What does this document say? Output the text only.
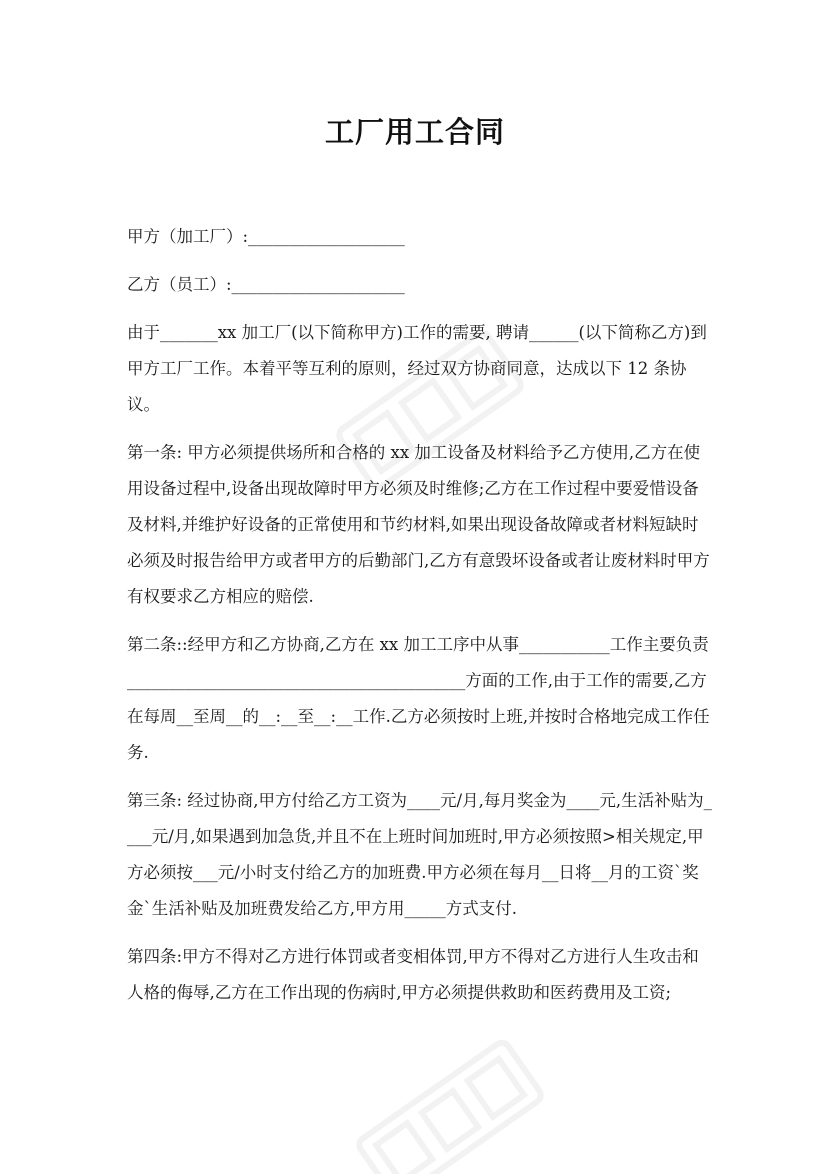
工厂用工合同

甲方（加工厂）:___________________

乙方（员工）:_____________________

由于_______xx 加工厂(以下简称甲方)工作的需要, 聘请______(以下简称乙方)到甲方工厂工作。本着平等互利的原则，经过双方协商同意，达成以下 12 条协议。

第一条: 甲方必须提供场所和合格的 xx 加工设备及材料给予乙方使用,乙方在使用设备过程中,设备出现故障时甲方必须及时维修;乙方在工作过程中要爱惜设备及材料,并维护好设备的正常使用和节约材料,如果出现设备故障或者材料短缺时必须及时报告给甲方或者甲方的后勤部门,乙方有意毁坏设备或者让废材料时甲方有权要求乙方相应的赔偿.

第二条::经甲方和乙方协商,乙方在 xx 加工工序中从事___________工作主要负责_________________________________________方面的工作,由于工作的需要,乙方在每周__至周__的__:__至__:__工作.乙方必须按时上班,并按时合格地完成工作任务.

第三条: 经过协商,甲方付给乙方工资为____元/月,每月奖金为____元,生活补贴为____元/月,如果遇到加急货,并且不在上班时间加班时,甲方必须按照>相关规定,甲方必须按___元/小时支付给乙方的加班费.甲方必须在每月__日将__月的工资`奖金`生活补贴及加班费发给乙方,甲方用_____方式支付.

第四条:甲方不得对乙方进行体罚或者变相体罚,甲方不得对乙方进行人生攻击和人格的侮辱,乙方在工作出现的伤病时,甲方必须提供救助和医药费用及工资;
